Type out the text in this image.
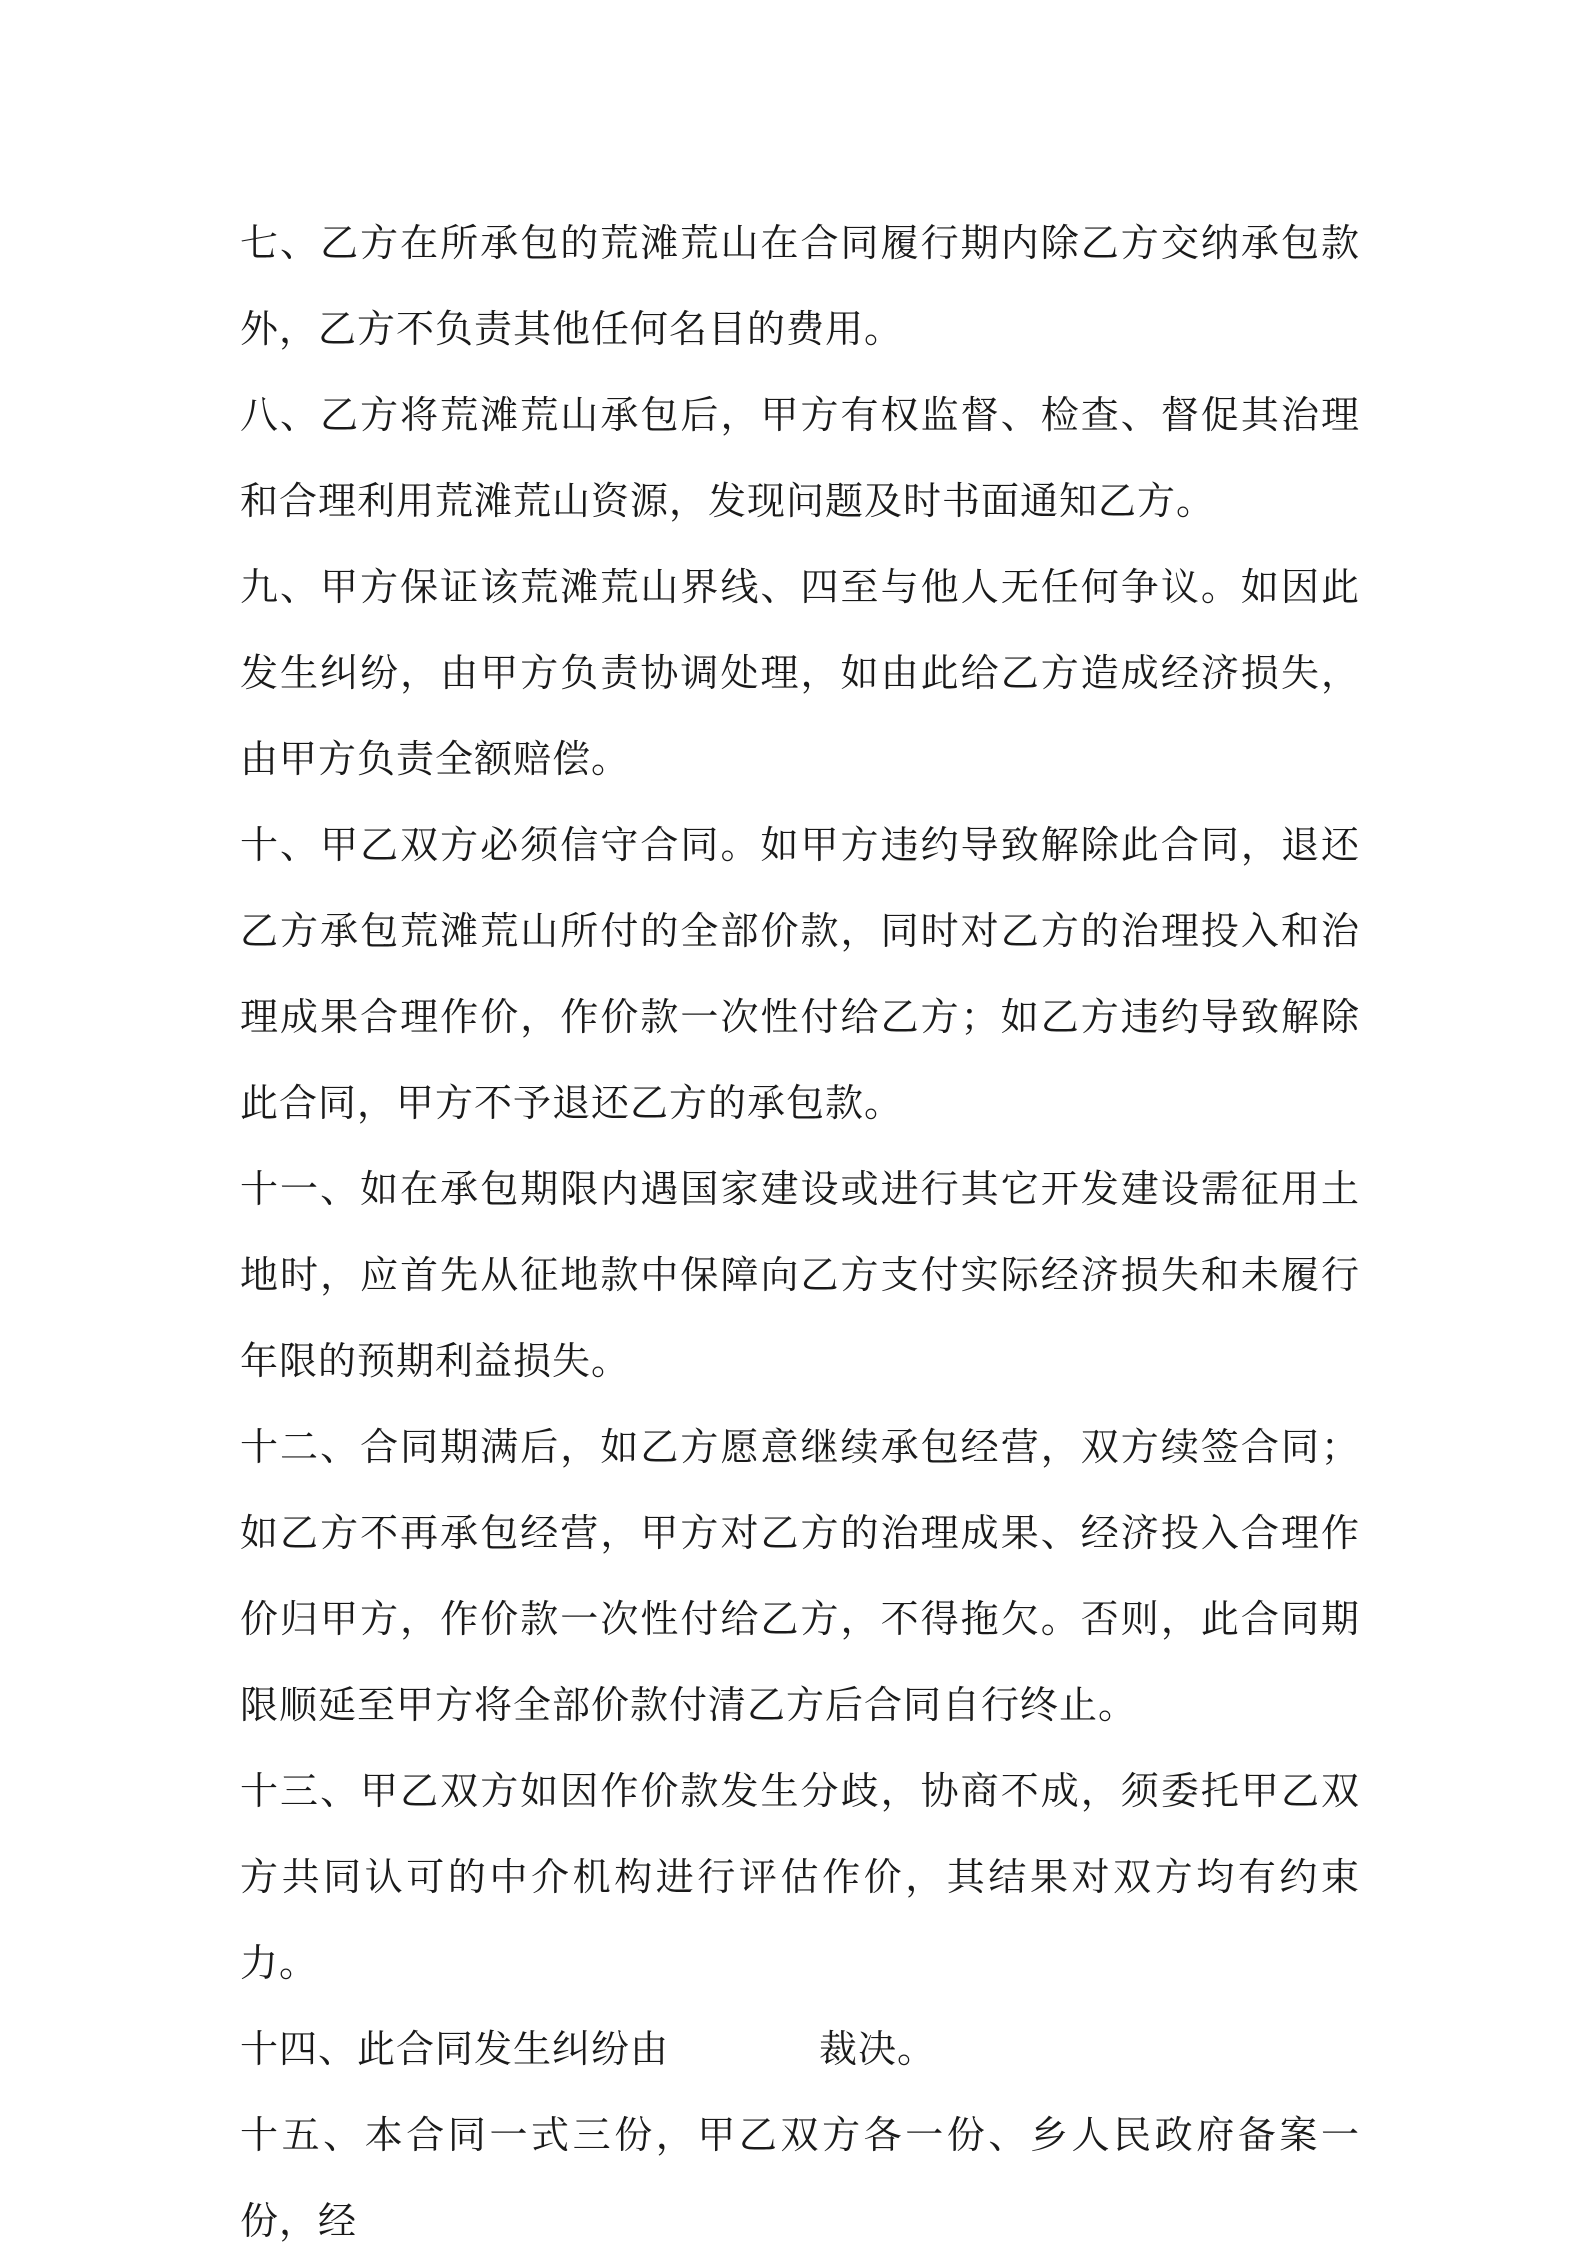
七、乙方在所承包的荒滩荒山在合同履行期内除乙方交纳承包款外，乙方不负责其他任何名目的费用。

八、乙方将荒滩荒山承包后，甲方有权监督、检查、督促其治理和合理利用荒滩荒山资源，发现问题及时书面通知乙方。

九、甲方保证该荒滩荒山界线、四至与他人无任何争议。如因此发生纠纷，由甲方负责协调处理，如由此给乙方造成经济损失，由甲方负责全额赔偿。

十、甲乙双方必须信守合同。如甲方违约导致解除此合同，退还乙方承包荒滩荒山所付的全部价款，同时对乙方的治理投入和治理成果合理作价，作价款一次性付给乙方；如乙方违约导致解除此合同，甲方不予退还乙方的承包款。

十一、如在承包期限内遇国家建设或进行其它开发建设需征用土地时，应首先从征地款中保障向乙方支付实际经济损失和未履行年限的预期利益损失。

十二、合同期满后，如乙方愿意继续承包经营，双方续签合同；如乙方不再承包经营，甲方对乙方的治理成果、经济投入合理作价归甲方，作价款一次性付给乙方，不得拖欠。否则，此合同期限顺延至甲方将全部价款付清乙方后合同自行终止。

十三、甲乙双方如因作价款发生分歧，协商不成，须委托甲乙双方共同认可的中介机构进行评估作价，其结果对双方均有约束力。

十四、此合同发生纠纷由	裁决。

十五、本合同一式三份，甲乙双方各一份、乡人民政府备案一份，经
